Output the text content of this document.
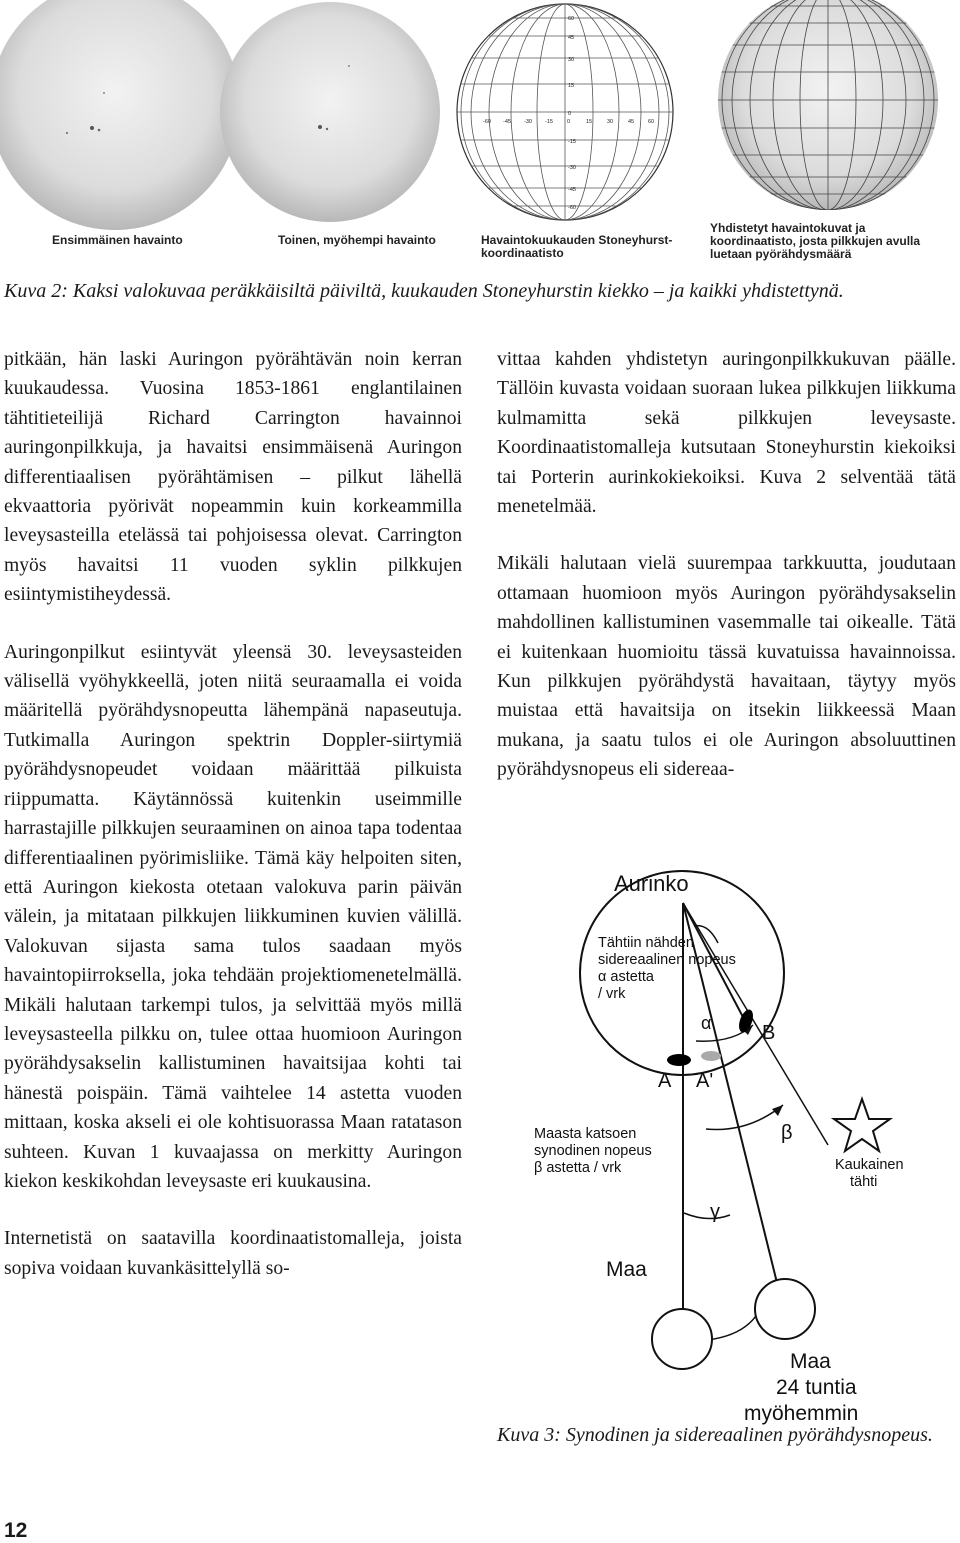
60
45
30
15
0
-15
-30
-45
-60
-60 -45 -30 -15	0	15	30	45	60
Ensimmäinen havainto	Toinen, myöhempi havainto	Havaintokuukauden Stoneyhurst-
koordinaatisto
Yhdistetyt havaintokuvat ja
koordinaatisto, josta pilkkujen avulla
luetaan pyörähdysmäärä
Kuva 2: Kaksi valokuvaa peräkkäisiltä päiviltä, kuukauden Stoneyhurstin kiekko – ja kaikki yhdistettynä.

pitkään, hän laski Auringon pyörähtävän noin kerran kuukaudessa. Vuosina 1853-1861 englantilainen tähtitieteilijä Richard Carrington havainnoi auringonpilkkuja, ja havaitsi ensimmäisenä Auringon differentiaalisen pyörähtämisen – pilkut lähellä ekvaattoria pyörivät nopeammin kuin korkeammilla leveysasteilla etelässä tai pohjoisessa olevat. Carrington myös havaitsi 11 vuoden syklin pilkkujen esiintymistiheydessä.

Auringonpilkut esiintyvät yleensä 30. leveysasteiden välisellä vyöhykkeellä, joten niitä seuraamalla ei voida määritellä pyörähdysnopeutta lähempänä napaseutuja. Tutkimalla Auringon spektrin Doppler-siirtymiä pyörähdysnopeudet voidaan määrittää pilkuista riippumatta. Käytännössä kuitenkin useimmille harrastajille pilkkujen seuraaminen on ainoa tapa todentaa differentiaalinen pyörimisliike. Tämä käy helpoiten siten, että Auringon kiekosta otetaan valokuva parin päivän välein, ja mitataan pilkkujen liikkuminen kuvien välillä. Valokuvan sijasta sama tulos saadaan myös havaintopiirroksella, joka tehdään projektiomenetelmällä. Mikäli halutaan tarkempi tulos, ja selvittää myös millä leveysasteella pilkku on, tulee ottaa huomioon Auringon pyörähdysakselin kallistuminen havaitsijaa kohti tai hänestä poispäin. Tämä vaihtelee 14 astetta vuoden mittaan, koska akseli ei ole kohtisuorassa Maan ratatason suhteen. Kuvan 1 kuvaajassa on merkitty Auringon kiekon keskikohdan leveysaste eri kuukausina.

Internetistä on saatavilla koordinaatistomalleja, joista sopiva voidaan kuvankäsittelyllä so-

vittaa kahden yhdistetyn auringonpilkkukuvan päälle. Tällöin kuvasta voidaan suoraan lukea pilkkujen liikkuma kulmamitta sekä pilkkujen leveysaste. Koordinaatistomalleja kutsutaan Stoneyhurstin kiekoiksi tai Porterin aurinkokiekoiksi. Kuva 2 selventää tätä menetelmää.

Mikäli halutaan vielä suurempaa tarkkuutta, joudutaan ottamaan huomioon myös Auringon pyörähdysakselin mahdollinen kallistuminen vasemmalle tai oikealle. Tätä ei kuitenkaan huomioitu tässä kuvatuissa havainnoissa. Kun pilkkujen pyörähdystä havaitaan, täytyy myös muistaa että havaitsija on itsekin liikkeessä Maan mukana, ja saatu tulos ei ole Auringon absoluuttinen pyörähdysnopeus eli sidereaa-

Aurinko
Tähtiin nähden
sidereaalinen nopeus
α astetta
/ vrk
α	B
A A'
Maasta katsoen
synodinen nopeus
β astetta / vrk
β
γ
Kaukainen
tähti
Maa
Maa
24 tuntia
myöhemmin
Kuva 3: Synodinen ja sidereaalinen pyörähdysnopeus.
12
